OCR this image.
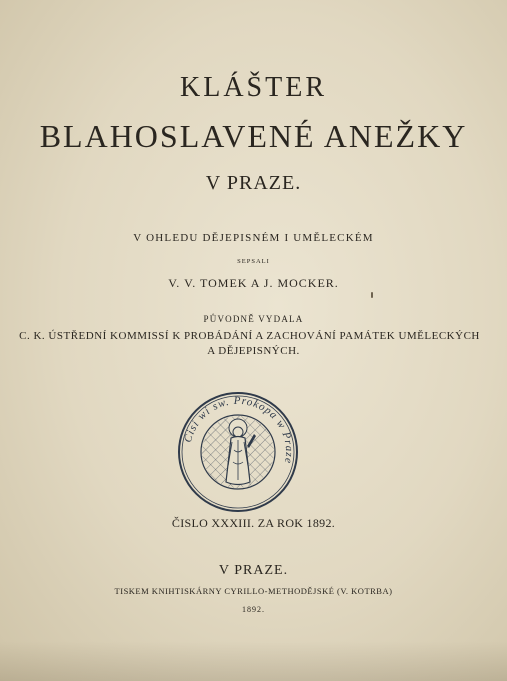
KLÁŠTER
BLAHOSLAVENÉ ANEŽKY
V PRAZE.

V OHLEDU DĚJEPISNÉM I UMĚLECKÉM

SEPSALI

V. V. TOMEK A J. MOCKER.

PŮVODNĚ VYDALA

C. K. ÚSTŘEDNÍ KOMMISSÍ K PROBÁDÁNÍ A ZACHOVÁNÍ PAMÁTEK UMĚLECKÝCH

A DĚJEPISNÝCH.

Cisi wi sw. Prokopa w Praze

ČISLO XXXIII. ZA ROK 1892.

V PRAZE.

TISKEM KNIHTISKÁRNY CYRILLO-METHODĚJSKÉ (V. KOTRBA)

1892.
